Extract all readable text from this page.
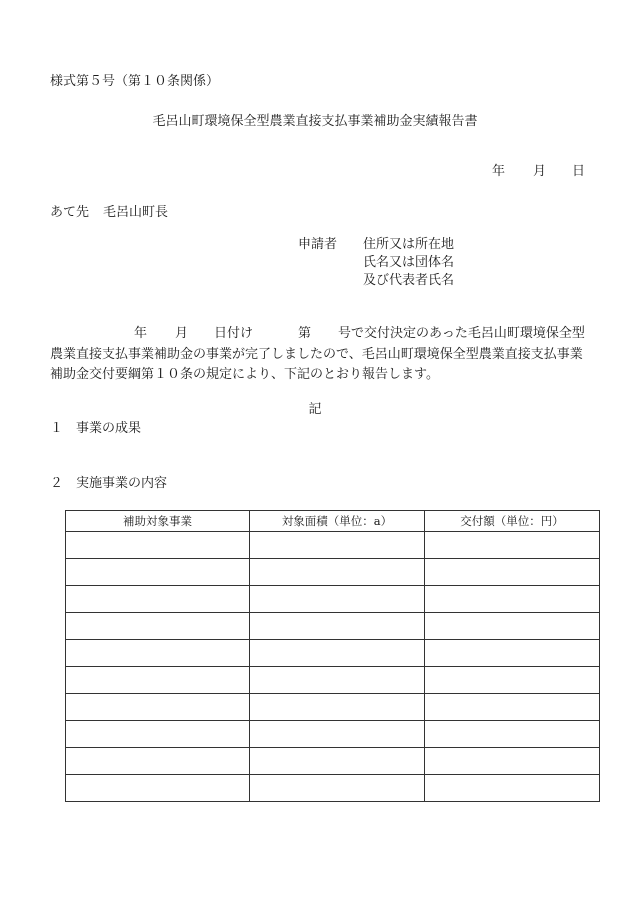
様式第５号（第１０条関係）
毛呂山町環境保全型農業直接支払事業補助金実績報告書
年 月 日
あて先 毛呂山町長
申請者 住所又は所在地
氏名又は団体名
及び代表者氏名
年 月 日付け	第 号で交付決定のあった毛呂山町環境保全型
農業直接支払事業補助金の事業が完了しましたので、毛呂山町環境保全型農業直接支払事業
補助金交付要綱第１０条の規定により、下記のとおり報告します。
記
１　事業の成果
２　実施事業の内容
補助対象事業	対象面積（単位：a）	交付額（単位：円）
